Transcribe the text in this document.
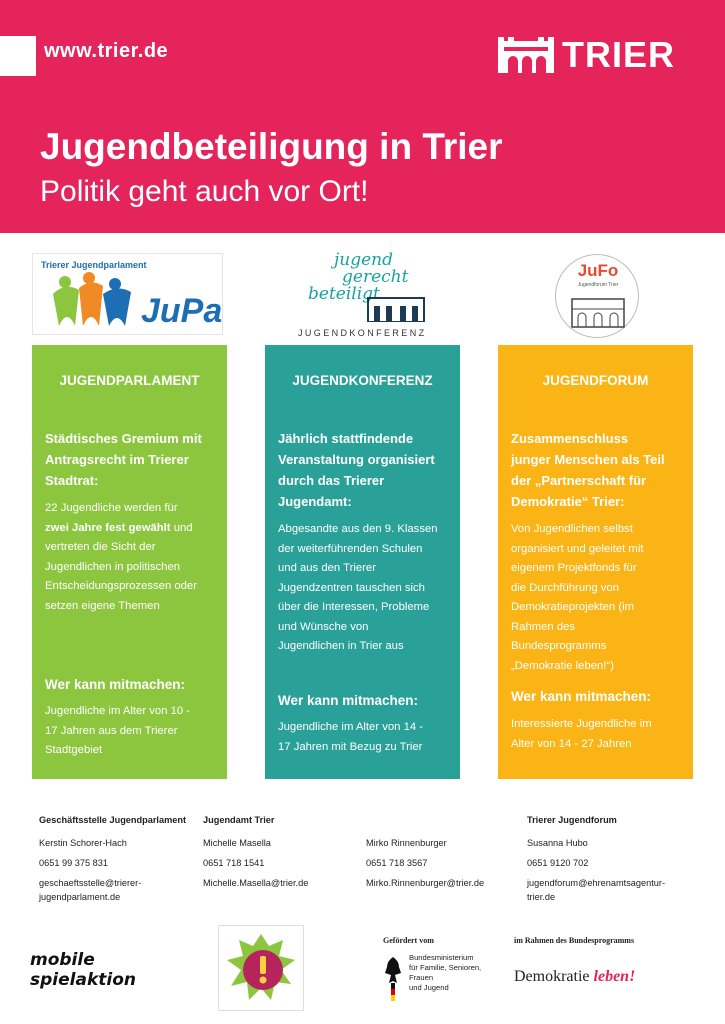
www.trier.de	TRIER
Jugendbeteiligung in Trier
Politik geht auch vor Ort!
Trierer Jugendparlament
JuPa
jugend
gerecht
beteiligt
JUGENDKONFERENZ
JuFo
Jugendforum Trier
JUGENDPARLAMENT
Städtisches Gremium mit
Antragsrecht im Trierer
Stadtrat:
22 Jugendliche werden für
zwei Jahre fest gewählt und
vertreten die Sicht der
Jugendlichen in politischen
Entscheidungsprozessen oder
setzen eigene Themen
Wer kann mitmachen:
Jugendliche im Alter von 10 -
17 Jahren aus dem Trierer
Stadtgebiet
JUGENDKONFERENZ
Jährlich stattfindende
Veranstaltung organisiert
durch das Trierer
Jugendamt:
Abgesandte aus den 9. Klassen
der weiterführenden Schulen
und aus den Trierer
Jugendzentren tauschen sich
über die Interessen, Probleme
und Wünsche von
Jugendlichen in Trier aus
Wer kann mitmachen:
Jugendliche im Alter von 14 -
17 Jahren mit Bezug zu Trier
JUGENDFORUM
Zusammenschluss
junger Menschen als Teil
der „Partnerschaft für
Demokratie“ Trier:
Von Jugendlichen selbst
organisiert und geleitet mit
eigenem Projektfonds für
die Durchführung von
Demokratieprojekten (im
Rahmen des
Bundesprogramms
„Demokratie leben!“)
Wer kann mitmachen:
Interessierte Jugendliche im
Alter von 14 - 27 Jahren
Geschäftsstelle Jugendparlament
Kerstin Schorer-Hach
0651 99 375 831
geschaeftsstelle@trierer-
jugendparlament.de
Jugendamt Trier
Michelle Masella
0651 718 1541
Michelle.Masella@trier.de
Mirko Rinnenburger
0651 718 3567
Mirko.Rinnenburger@trier.de
Trierer Jugendforum
Susanna Hubo
0651 9120 702
jugendforum@ehrenamtsagentur-
trier.de
mobile
spielaktion
Gefördert vom
Bundesministerium
für Familie, Senioren, Frauen
und Jugend
im Rahmen des Bundesprogramms
Demokratie leben!
